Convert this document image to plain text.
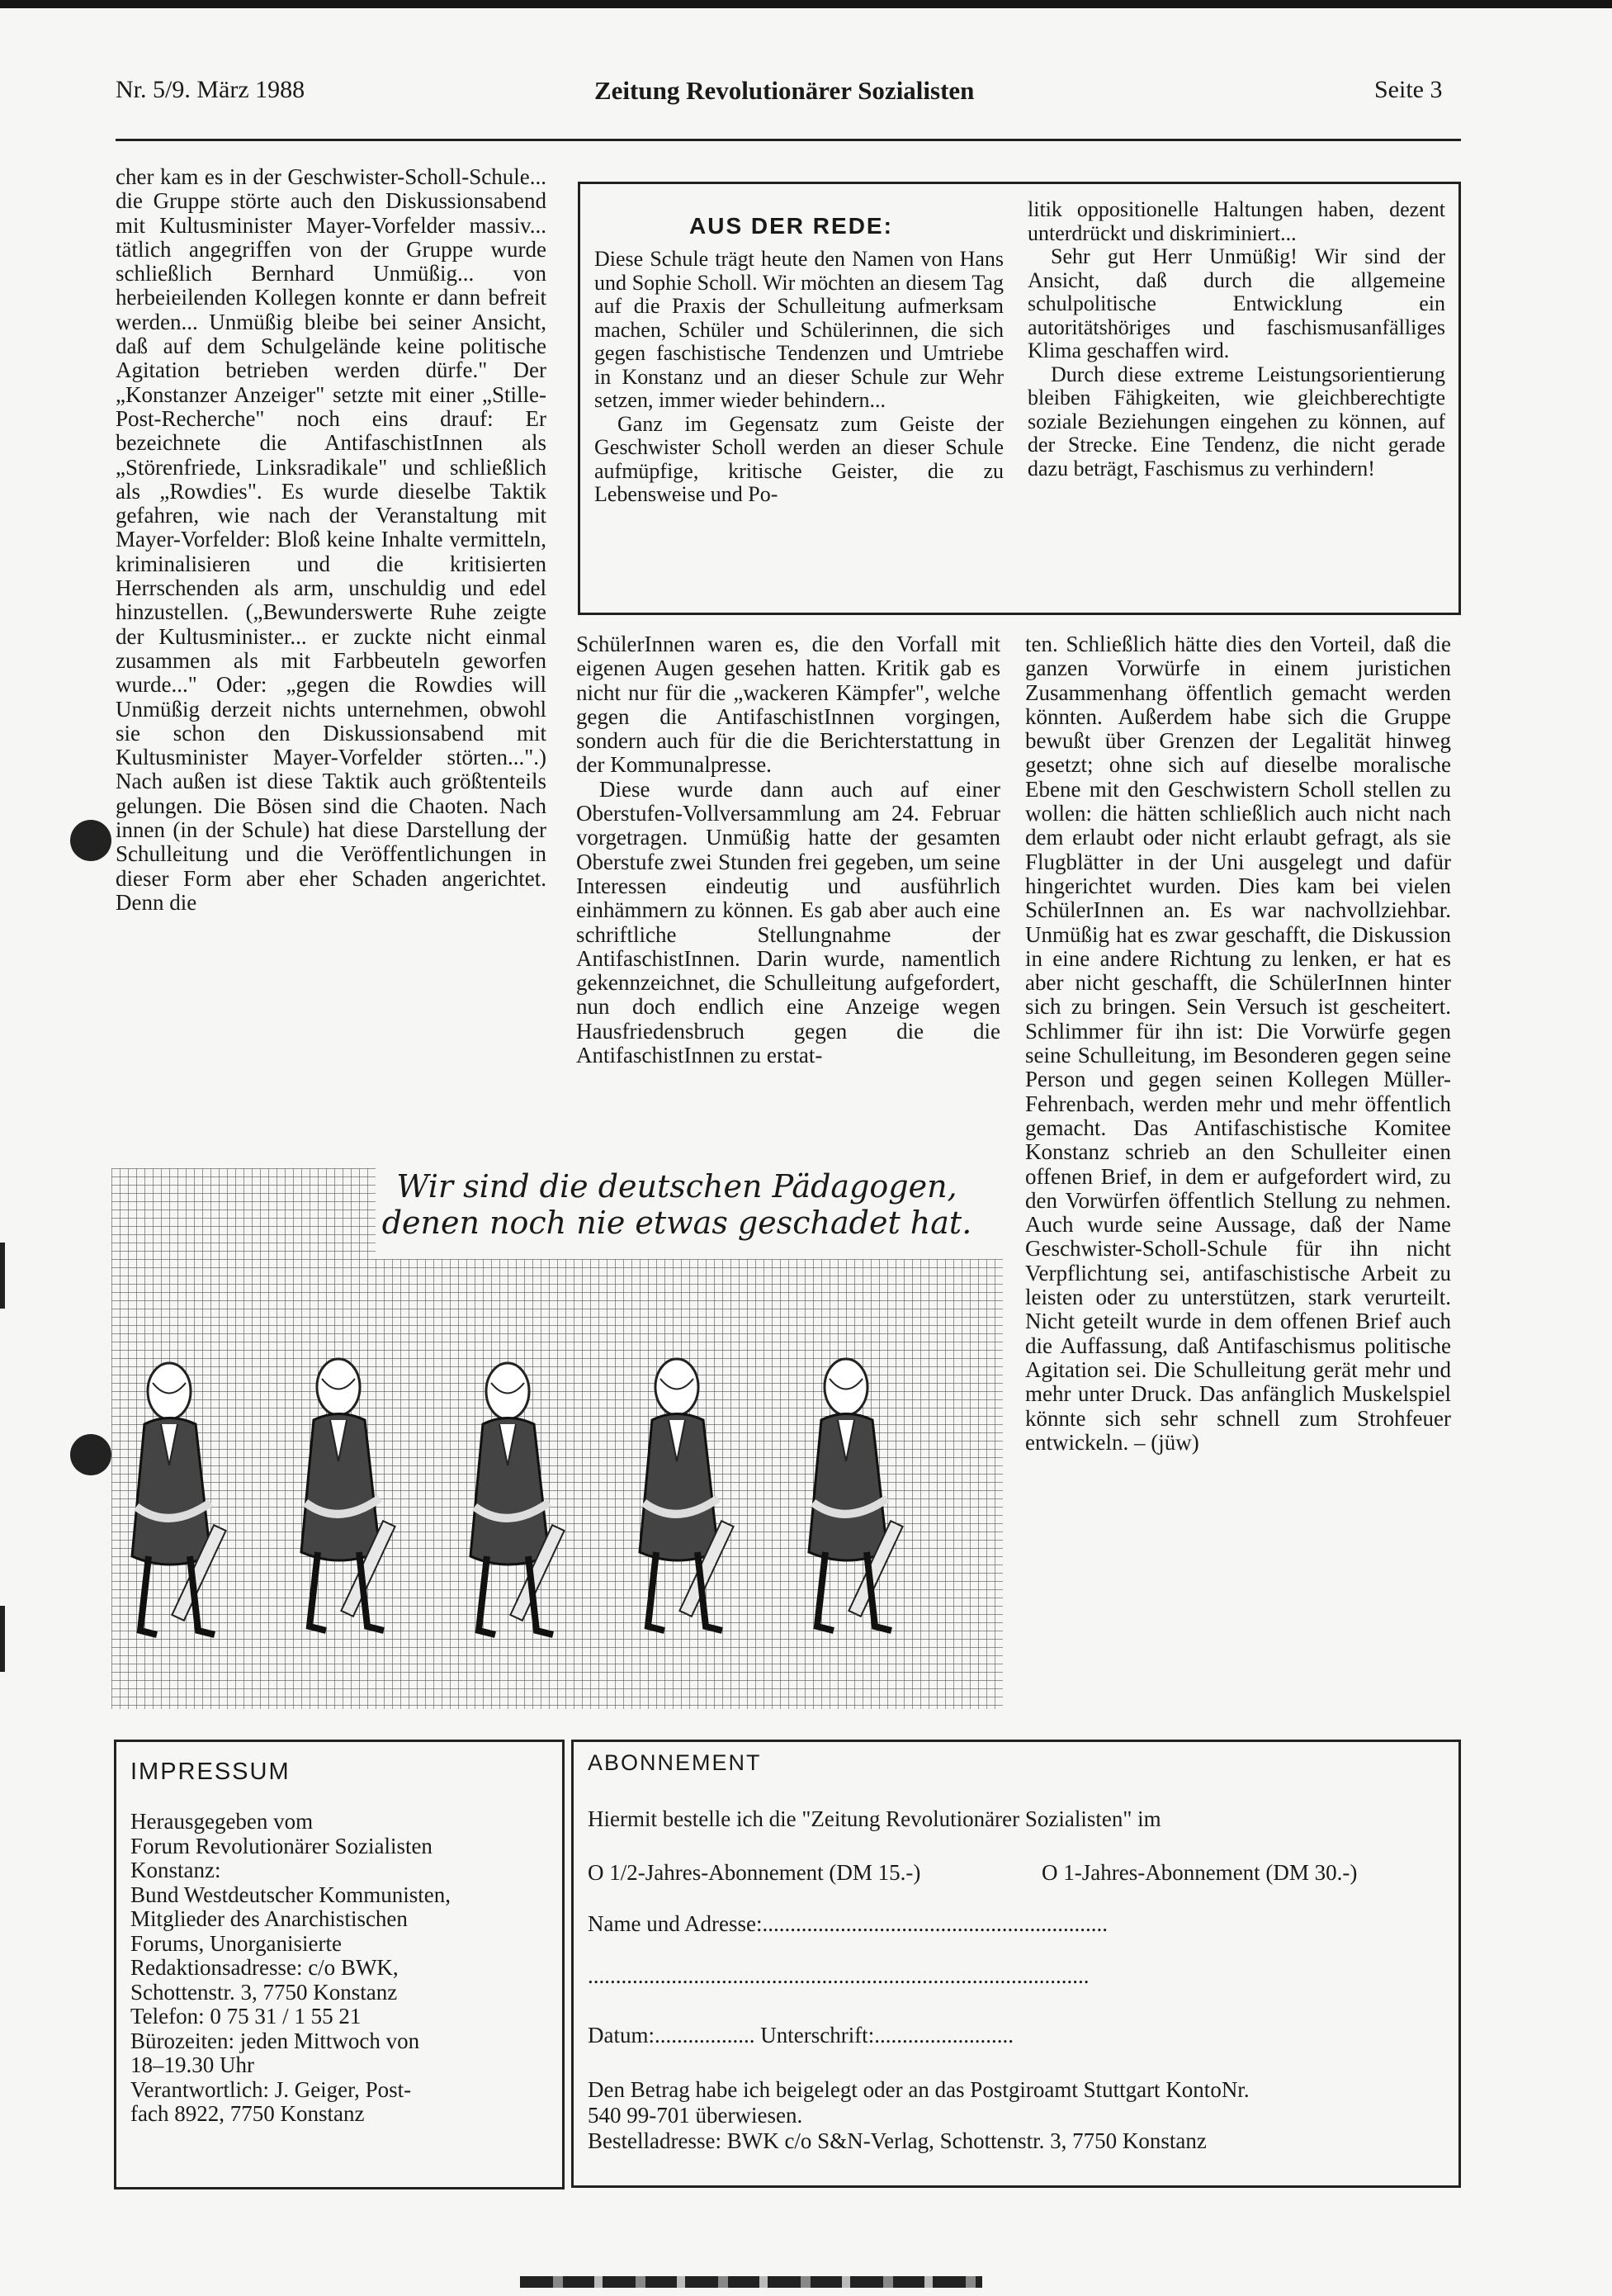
Nr. 5/9. März 1988	Zeitung Revolutionärer Sozialisten	Seite 3

cher kam es in der Geschwister-Scholl-Schule... die Gruppe störte auch den Diskussionsabend mit Kultusminister Mayer-Vorfelder massiv... tätlich angegriffen von der Gruppe wurde schließlich Bernhard Unmüßig... von herbeieilenden Kollegen konnte er dann befreit werden... Unmüßig bleibe bei seiner Ansicht, daß auf dem Schulgelände keine politische Agitation betrieben werden dürfe." Der „Konstanzer Anzeiger" setzte mit einer „Stille-Post-Recherche" noch eins drauf: Er bezeichnete die AntifaschistInnen als „Störenfriede, Linksradikale" und schließlich als „Rowdies". Es wurde dieselbe Taktik gefahren, wie nach der Veranstaltung mit Mayer-Vorfelder: Bloß keine Inhalte vermitteln, kriminalisieren und die kritisierten Herrschenden als arm, unschuldig und edel hinzustellen. („Bewunderswerte Ruhe zeigte der Kultusminister... er zuckte nicht einmal zusammen als mit Farbbeuteln geworfen wurde..." Oder: „gegen die Rowdies will Unmüßig derzeit nichts unternehmen, obwohl sie schon den Diskussionsabend mit Kultusminister Mayer-Vorfelder störten...".) Nach außen ist diese Taktik auch größtenteils gelungen. Die Bösen sind die Chaoten. Nach innen (in der Schule) hat diese Darstellung der Schulleitung und die Veröffentlichungen in dieser Form aber eher Schaden angerichtet. Denn die

AUS DER REDE:

Diese Schule trägt heute den Namen von Hans und Sophie Scholl. Wir möchten an diesem Tag auf die Praxis der Schulleitung aufmerksam machen, Schüler und Schülerinnen, die sich gegen faschistische Tendenzen und Umtriebe in Konstanz und an dieser Schule zur Wehr setzen, immer wieder behindern...

Ganz im Gegensatz zum Geiste der Geschwister Scholl werden an dieser Schule aufmüpfige, kritische Geister, die zu Lebensweise und Po-

litik oppositionelle Haltungen haben, dezent unterdrückt und diskriminiert...

Sehr gut Herr Unmüßig! Wir sind der Ansicht, daß durch die allgemeine schulpolitische Entwicklung ein autoritätshöriges und faschismusanfälliges Klima geschaffen wird.

Durch diese extreme Leistungsorientierung bleiben Fähigkeiten, wie gleichberechtigte soziale Beziehungen eingehen zu können, auf der Strecke. Eine Tendenz, die nicht gerade dazu beträgt, Faschismus zu verhindern!

SchülerInnen waren es, die den Vorfall mit eigenen Augen gesehen hatten. Kritik gab es nicht nur für die „wackeren Kämpfer", welche gegen die AntifaschistInnen vorgingen, sondern auch für die die Berichterstattung in der Kommunalpresse.

Diese wurde dann auch auf einer Oberstufen-Vollversammlung am 24. Februar vorgetragen. Unmüßig hatte der gesamten Oberstufe zwei Stunden frei gegeben, um seine Interessen eindeutig und ausführlich einhämmern zu können. Es gab aber auch eine schriftliche Stellungnahme der AntifaschistInnen. Darin wurde, namentlich gekennzeichnet, die Schulleitung aufgefordert, nun doch endlich eine Anzeige wegen Hausfriedensbruch gegen die die AntifaschistInnen zu erstat-

ten. Schließlich hätte dies den Vorteil, daß die ganzen Vorwürfe in einem juristichen Zusammenhang öffentlich gemacht werden könnten. Außerdem habe sich die Gruppe bewußt über Grenzen der Legalität hinweg gesetzt; ohne sich auf dieselbe moralische Ebene mit den Geschwistern Scholl stellen zu wollen: die hätten schließlich auch nicht nach dem erlaubt oder nicht erlaubt gefragt, als sie Flugblätter in der Uni ausgelegt und dafür hingerichtet wurden. Dies kam bei vielen SchülerInnen an. Es war nachvollziehbar. Unmüßig hat es zwar geschafft, die Diskussion in eine andere Richtung zu lenken, er hat es aber nicht geschafft, die SchülerInnen hinter sich zu bringen. Sein Versuch ist gescheitert. Schlimmer für ihn ist: Die Vorwürfe gegen seine Schulleitung, im Besonderen gegen seine Person und gegen seinen Kollegen Müller-Fehrenbach, werden mehr und mehr öffentlich gemacht. Das Antifaschistische Komitee Konstanz schrieb an den Schulleiter einen offenen Brief, in dem er aufgefordert wird, zu den Vorwürfen öffentlich Stellung zu nehmen. Auch wurde seine Aussage, daß der Name Geschwister-Scholl-Schule für ihn nicht Verpflichtung sei, antifaschistische Arbeit zu leisten oder zu unterstützen, stark verurteilt. Nicht geteilt wurde in dem offenen Brief auch die Auffassung, daß Antifaschismus politische Agitation sei. Die Schulleitung gerät mehr und mehr unter Druck. Das anfänglich Muskelspiel könnte sich sehr schnell zum Strohfeuer entwickeln. – (jüw)

Wir sind die deutschen Pädagogen,
denen noch nie etwas geschadet hat.
IMPRESSUM
Herausgegeben vom
Forum Revolutionärer Sozialisten
Konstanz:
Bund Westdeutscher Kommunisten,
Mitglieder des Anarchistischen
Forums, Unorganisierte
Redaktionsadresse: c/o BWK,
Schottenstr. 3, 7750 Konstanz
Telefon: 0 75 31 / 1 55 21
Bürozeiten: jeden Mittwoch von
18–19.30 Uhr
Verantwortlich: J. Geiger, Post-
fach 8922, 7750 Konstanz
ABONNEMENT
Hiermit bestelle ich die "Zeitung Revolutionärer Sozialisten" im
O 1/2-Jahres-Abonnement (DM 15.-)	O 1-Jahres-Abonnement (DM 30.-)
Name und Adresse:..............................................................
..........................................................................................
Datum:.................. Unterschrift:.........................
Den Betrag habe ich beigelegt oder an das Postgiroamt Stuttgart KontoNr.
540 99-701 überwiesen.
Bestelladresse: BWK c/o S&N-Verlag, Schottenstr. 3, 7750 Konstanz
